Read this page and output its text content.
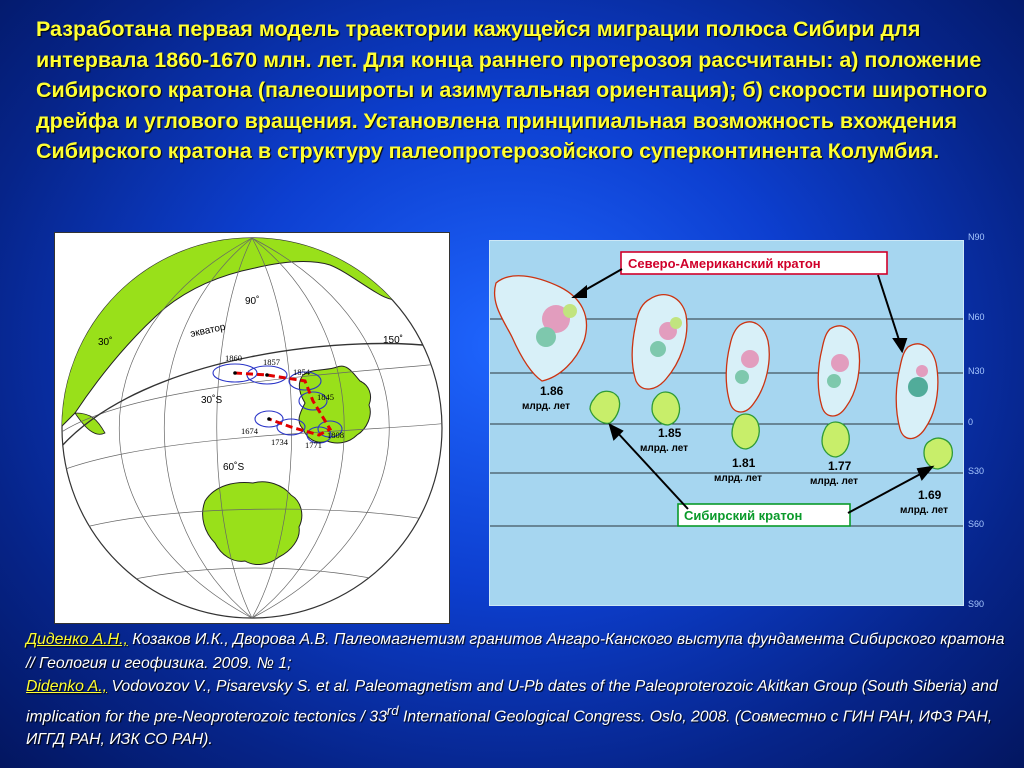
Разработана первая модель траектории кажущейся миграции полюса Сибири для интервала 1860-1670 млн. лет. Для конца раннего протерозоя рассчитаны: а) положение Сибирского кратона (палеошироты и азимутальная ориентация); б) скорости широтного дрейфа и углового вращения. Установлена принципиальная возможность вхождения Сибирского кратона в структуру палеопротерозойского суперконтинента Колумбия.
90˚
экватор
30˚	150˚
30˚S
60˚S
1860 1857
1854
1845
1808
1674
1734 1771
1.86
млрд. лет
1.85
млрд. лет
1.81
млрд. лет
1.77
млрд. лет
1.69
млрд. лет
Северо-Американский кратон
Сибирский кратон
N90
N60
N30
0
S30
S60
S90
Диденко А.Н., Козаков И.К., Дворова А.В. Палеомагнетизм гранитов Ангаро-Канского выступа фундамента Сибирского кратона // Геология и геофизика. 2009. № 1;
Didenko A., Vodovozov V., Pisarevsky S. et al. Paleomagnetism and U-Pb dates of the Paleoproterozoic Akitkan Group (South Siberia) and implication for the pre-Neoproterozoic tectonics / 33rd International Geological Congress. Oslo, 2008. (Совместно с ГИН РАН, ИФЗ РАН, ИГГД РАН, ИЗК СО РАН).
